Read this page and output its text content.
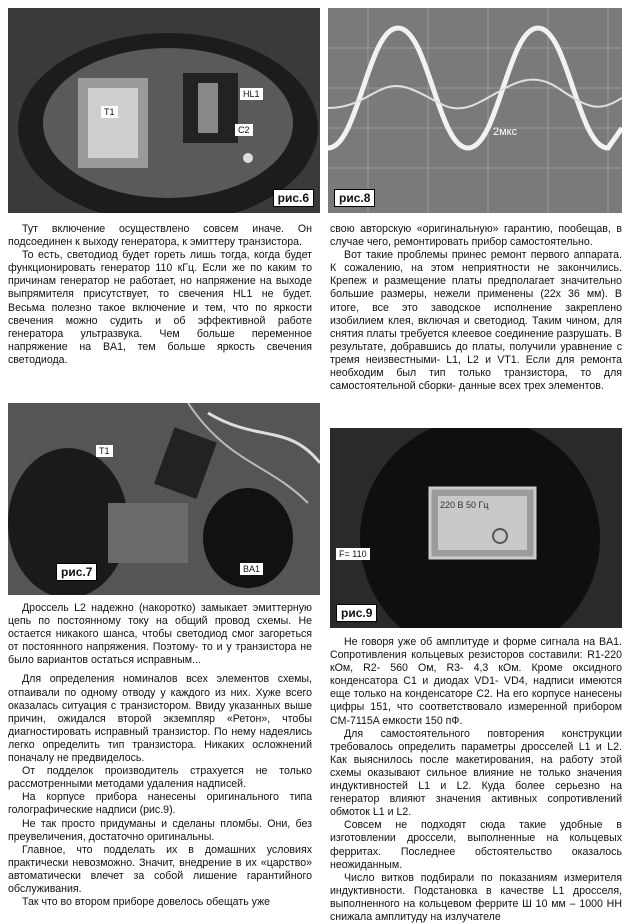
T1
HL1
C2
рис.6
2мкс
рис.8

Тут включение осуществлено совсем иначе. Он подсоединен к выходу генератора, к эмиттеру транзистора.

То есть, светодиод будет гореть лишь тогда, когда будет функционировать генератор 110 кГц. Если же по каким то причинам генератор не работает, но напряжение на выходе выпрямителя присутствует, то свечения HL1 не будет. Весьма полезно такое включение и тем, что по яркости свечения можно судить и об эффективной работе генератора ультразвука. Чем больше переменное напряжение на BA1, тем больше яркость свечения светодиода.

T1
BA1
рис.7

Дроссель L2 надежно (накоротко) замыкает эмиттерную цепь по постоянному току на общий провод схемы. Не остается никакого шанса, чтобы светодиод смог загореться от постоянного напряжения. Поэтому- то и у транзистора не было вариантов остаться исправным...

Для определения номиналов всех элементов схемы, отпаивали по одному отводу у каждого из них. Хуже всего оказалась ситуация с транзистором. Ввиду указанных выше причин, ожидался второй экземпляр «Ретон», чтобы диагностировать исправный транзистор. По нему надеялись легко определить тип транзистора. Никаких осложнений поначалу не предвиделось.

От подделок производитель страхуется не только рассмотренными методами удаления надписей.

На корпусе прибора нанесены оригинального типа голографические надписи (рис.9).

Не так просто придуманы и сделаны пломбы. Они, без преувеличения, достаточно оригинальны.

Главное, что подделать их в домашних условиях практически невозможно. Значит, внедрение в их «царство» автоматически влечет за собой лишение гарантийного обслуживания.

Так что во втором приборе довелось обещать уже

свою авторскую «оригинальную» гарантию, пообещав, в случае чего, ремонтировать прибор самостоятельно.

Вот такие проблемы принес ремонт первого аппарата. К сожалению, на этом неприятности не закончились. Крепеж и размещение платы предполагает значительно большие размеры, нежели применены (22x 36 мм). В итоге, все это заводское исполнение закреплено изобилием клея, включая и светодиод. Таким чином, для снятия платы требуется клеевое соединение разрушать. В результате, добравшись до платы, получили уравнение с тремя неизвестными- L1, L2 и VT1. Если для ремонта необходим был тип только транзистора, то для самостоятельной сборки- данные всех трех элементов.

220 В 50 Гц
F= 110
рис.9

Не говоря уже об амплитуде и форме сигнала на BA1. Сопротивления кольцевых резисторов составили: R1-220 кОм, R2- 560 Ом, R3- 4,3 кОм. Кроме оксидного конденсатора C1 и диодах VD1- VD4, надписи имеются еще только на конденсаторе C2. На его корпусе нанесены цифры 151, что соответствовало измеренной прибором CM-7115A емкости 150 пФ.

Для самостоятельного повторения конструкции требовалось определить параметры дросселей L1 и L2. Как выяснилось после макетирования, на работу этой схемы оказывают сильное влияние не только значения индуктивностей L1 и L2. Куда более серьезно на генератор влияют значения активных сопротивлений обмоток L1 и L2.

Совсем не подходят сюда такие удобные в изготовлении дроссели, выполненные на кольцевых ферритах. Последнее обстоятельство оказалось неожиданным.

Число витков подбирали по показаниям измерителя индуктивности. Подстановка в качестве L1 дросселя, выполненного на кольцевом феррите Ш 10 мм – 1000 НН снижала амплитуду на излучателе
